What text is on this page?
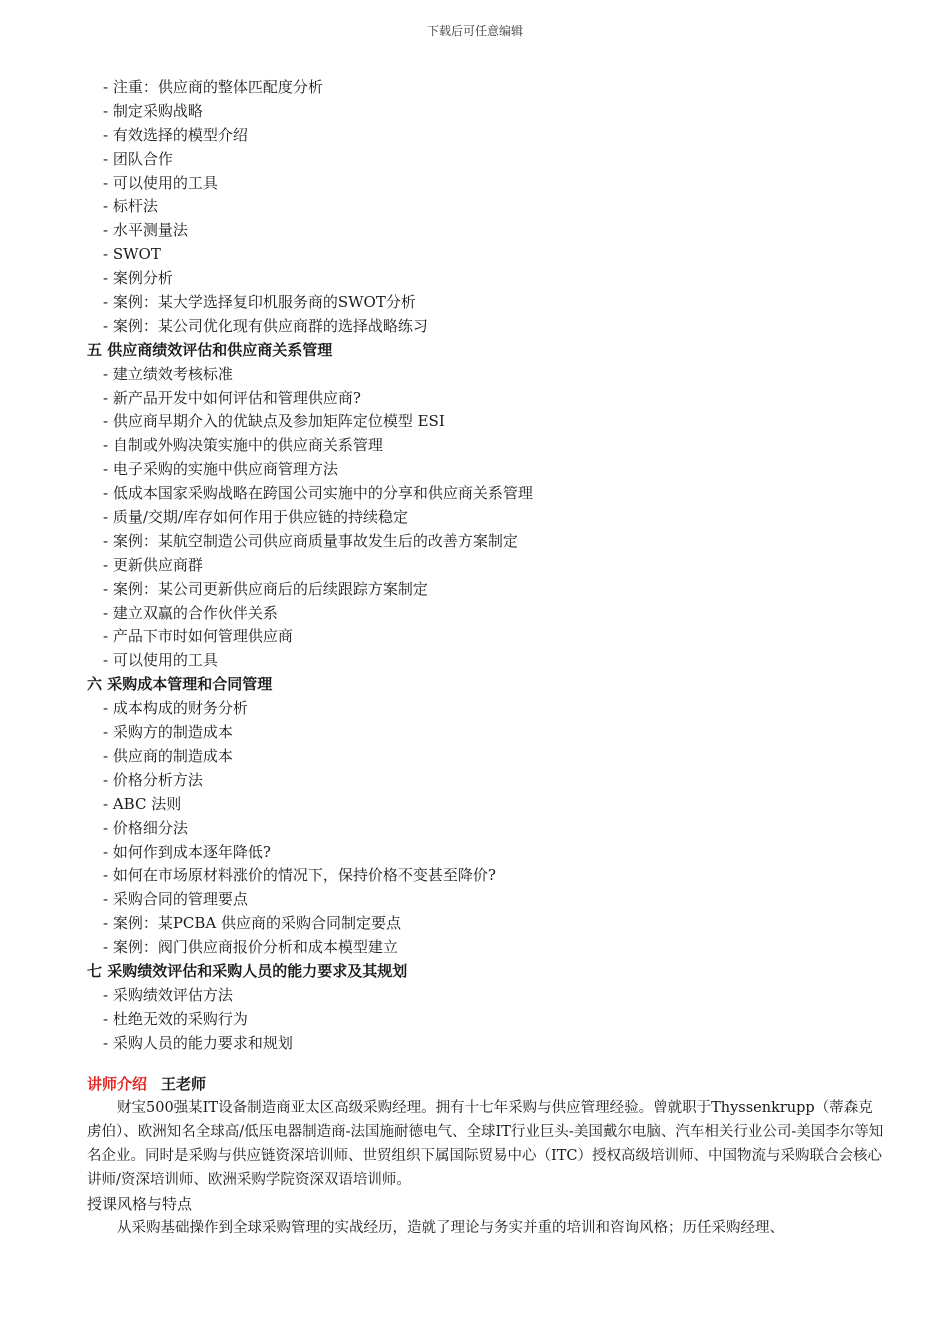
下载后可任意编辑
- 注重：供应商的整体匹配度分析
- 制定采购战略
- 有效选择的模型介绍
- 团队合作
- 可以使用的工具
- 标杆法
- 水平测量法
- SWOT
- 案例分析
- 案例：某大学选择复印机服务商的SWOT分析
- 案例：某公司优化现有供应商群的选择战略练习
五 供应商绩效评估和供应商关系管理
- 建立绩效考核标准
- 新产品开发中如何评估和管理供应商?
- 供应商早期介入的优缺点及参加矩阵定位模型 ESI
- 自制或外购决策实施中的供应商关系管理
- 电子采购的实施中供应商管理方法
- 低成本国家采购战略在跨国公司实施中的分享和供应商关系管理
- 质量/交期/库存如何作用于供应链的持续稳定
- 案例：某航空制造公司供应商质量事故发生后的改善方案制定
- 更新供应商群
- 案例：某公司更新供应商后的后续跟踪方案制定
- 建立双赢的合作伙伴关系
- 产品下市时如何管理供应商
- 可以使用的工具
六 采购成本管理和合同管理
- 成本构成的财务分析
- 采购方的制造成本
- 供应商的制造成本
- 价格分析方法
- ABC 法则
- 价格细分法
- 如何作到成本逐年降低?
- 如何在市场原材料涨价的情况下，保持价格不变甚至降价?
- 采购合同的管理要点
- 案例：某PCBA 供应商的采购合同制定要点
- 案例：阀门供应商报价分析和成本模型建立
七 采购绩效评估和采购人员的能力要求及其规划
- 采购绩效评估方法
- 杜绝无效的采购行为
- 采购人员的能力要求和规划
讲师介绍 王老师
财宝500强某IT设备制造商亚太区高级采购经理。拥有十七年采购与供应管理经验。曾就职于Thyssenkrupp（蒂森克虏伯）、欧洲知名全球高/低压电器制造商-法国施耐德电气、全球IT行业巨头-美国戴尔电脑、汽车相关行业公司-美国李尔等知名企业。同时是采购与供应链资深培训师、世贸组织下属国际贸易中心（ITC）授权高级培训师、中国物流与采购联合会核心讲师/资深培训师、欧洲采购学院资深双语培训师。
授课风格与特点
从采购基础操作到全球采购管理的实战经历，造就了理论与务实并重的培训和咨询风格；历任采购经理、
